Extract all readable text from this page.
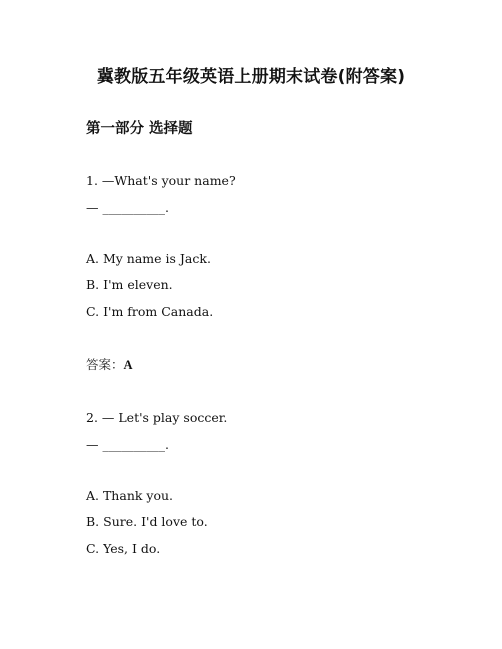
冀教版五年级英语上册期末试卷(附答案)
第一部分 选择题
1. —What's your name?
— __________.
A. My name is Jack.
B. I'm eleven.
C. I'm from Canada.
答案：A
2. — Let's play soccer.
— __________.
A. Thank you.
B. Sure. I'd love to.
C. Yes, I do.
